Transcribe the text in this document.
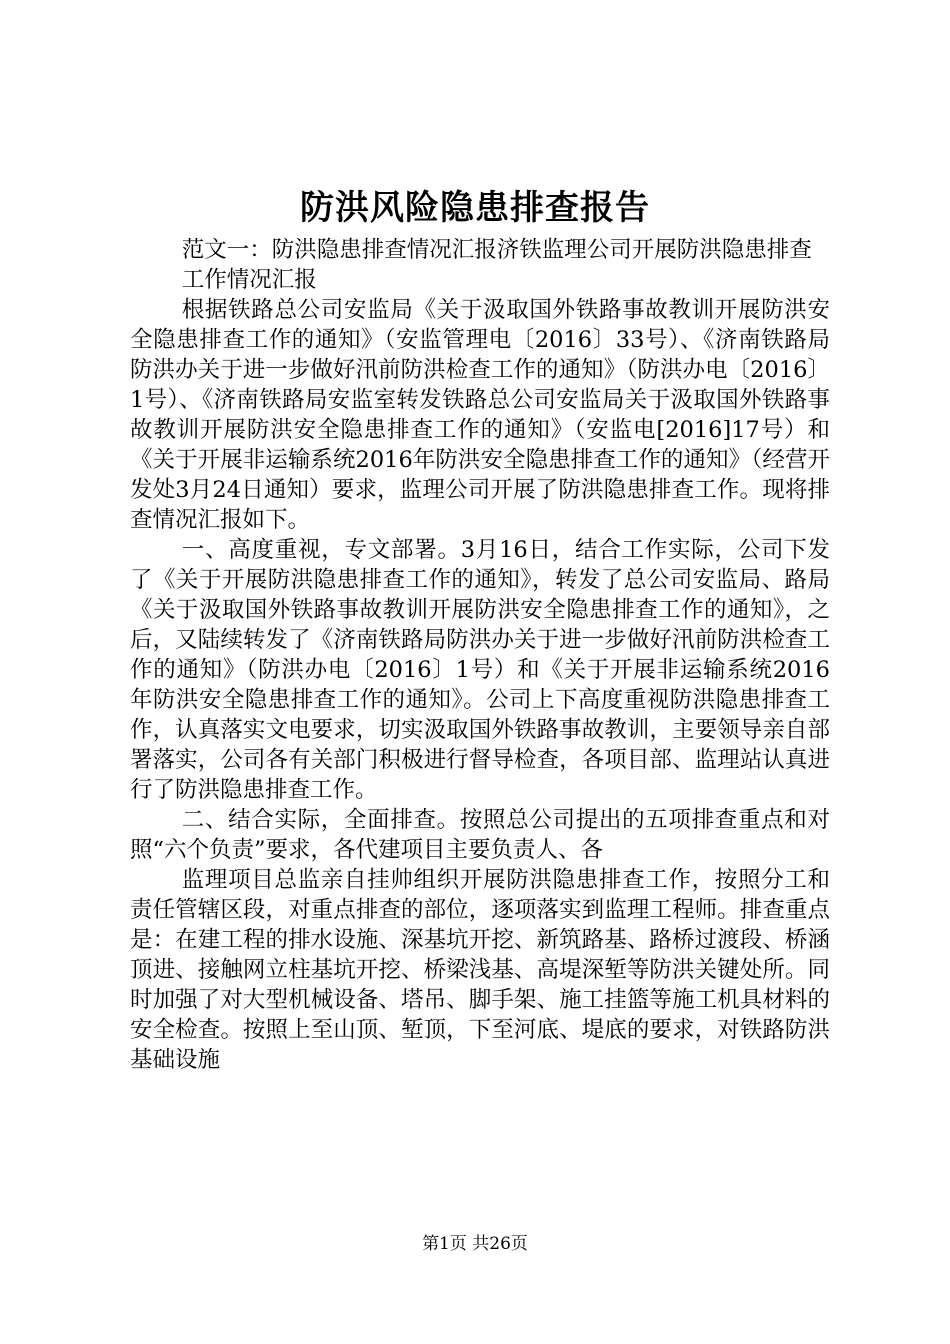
防洪风险隐患排查报告

范文一：防洪隐患排查情况汇报济铁监理公司开展防洪隐患排查

工作情况汇报

根据铁路总公司安监局《关于汲取国外铁路事故教训开展防洪安全隐患排查工作的通知》（安监管理电〔2016〕33号）、《济南铁路局防洪办关于进一步做好汛前防洪检查工作的通知》（防洪办电〔2016〕1号）、《济南铁路局安监室转发铁路总公司安监局关于汲取国外铁路事故教训开展防洪安全隐患排查工作的通知》（安监电[2016]17号）和《关于开展非运输系统2016年防洪安全隐患排查工作的通知》（经营开发处3月24日通知）要求，监理公司开展了防洪隐患排查工作。现将排查情况汇报如下。

一、高度重视，专文部署。3月16日，结合工作实际，公司下发了《关于开展防洪隐患排查工作的通知》，转发了总公司安监局、路局《关于汲取国外铁路事故教训开展防洪安全隐患排查工作的通知》，之后，又陆续转发了《济南铁路局防洪办关于进一步做好汛前防洪检查工作的通知》（防洪办电〔2016〕1号）和《关于开展非运输系统2016年防洪安全隐患排查工作的通知》。公司上下高度重视防洪隐患排查工作，认真落实文电要求，切实汲取国外铁路事故教训，主要领导亲自部署落实，公司各有关部门积极进行督导检查，各项目部、监理站认真进行了防洪隐患排查工作。

二、结合实际，全面排查。按照总公司提出的五项排查重点和对照“六个负责”要求，各代建项目主要负责人、各

监理项目总监亲自挂帅组织开展防洪隐患排查工作，按照分工和责任管辖区段，对重点排查的部位，逐项落实到监理工程师。排查重点是：在建工程的排水设施、深基坑开挖、新筑路基、路桥过渡段、桥涵顶进、接触网立柱基坑开挖、桥梁浅基、高堤深堑等防洪关键处所。同时加强了对大型机械设备、塔吊、脚手架、施工挂篮等施工机具材料的安全检查。按照上至山顶、堑顶，下至河底、堤底的要求，对铁路防洪基础设施

第1页 共26页
